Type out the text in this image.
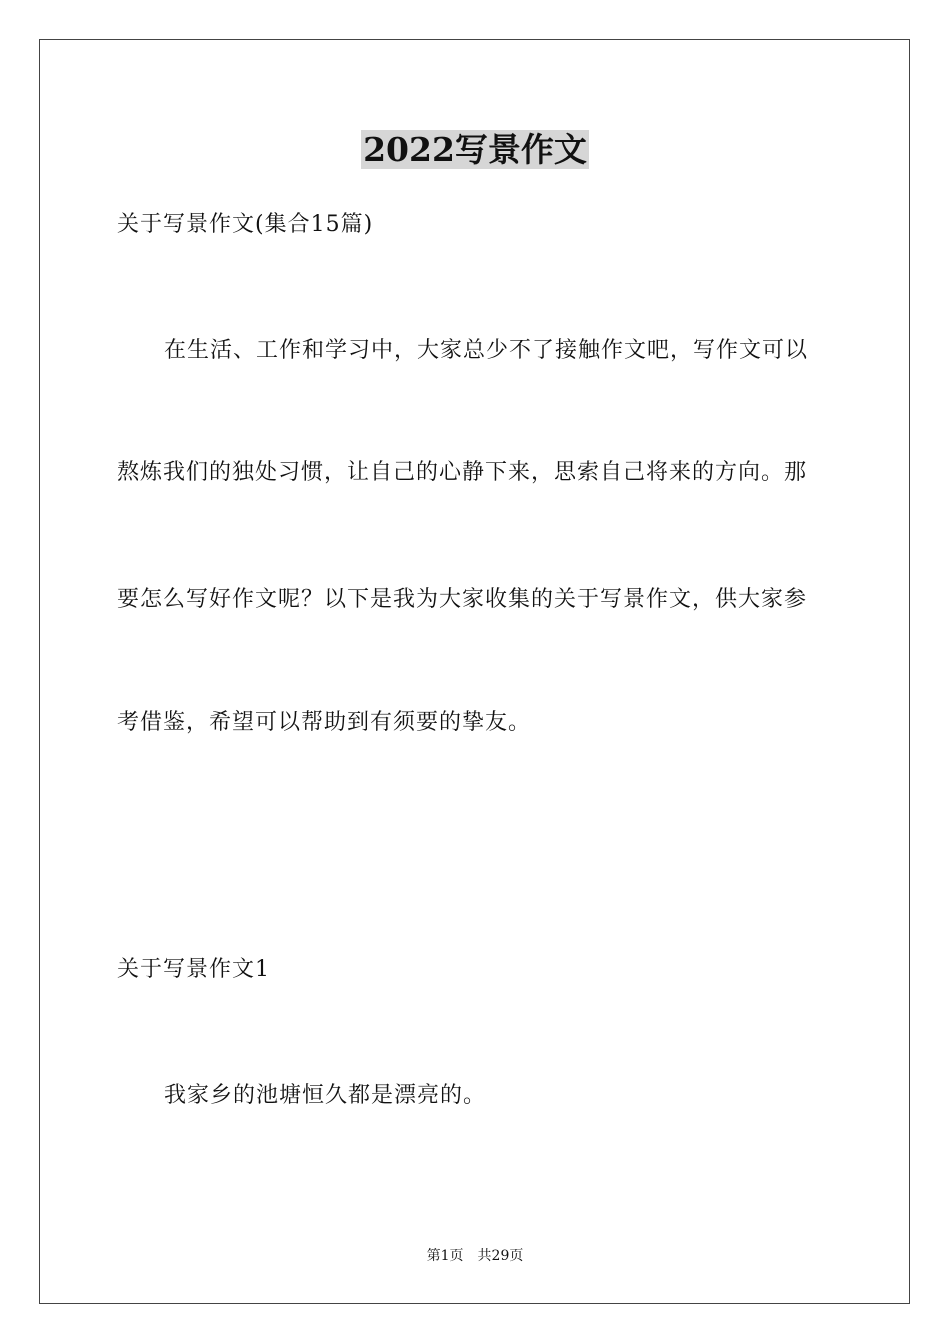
2022写景作文
关于写景作文(集合15篇)
在生活、工作和学习中，大家总少不了接触作文吧，写作文可以
熬炼我们的独处习惯，让自己的心静下来，思索自己将来的方向。那
要怎么写好作文呢？以下是我为大家收集的关于写景作文，供大家参
考借鉴，希望可以帮助到有须要的挚友。
关于写景作文1
我家乡的池塘恒久都是漂亮的。
第1页 共29页
